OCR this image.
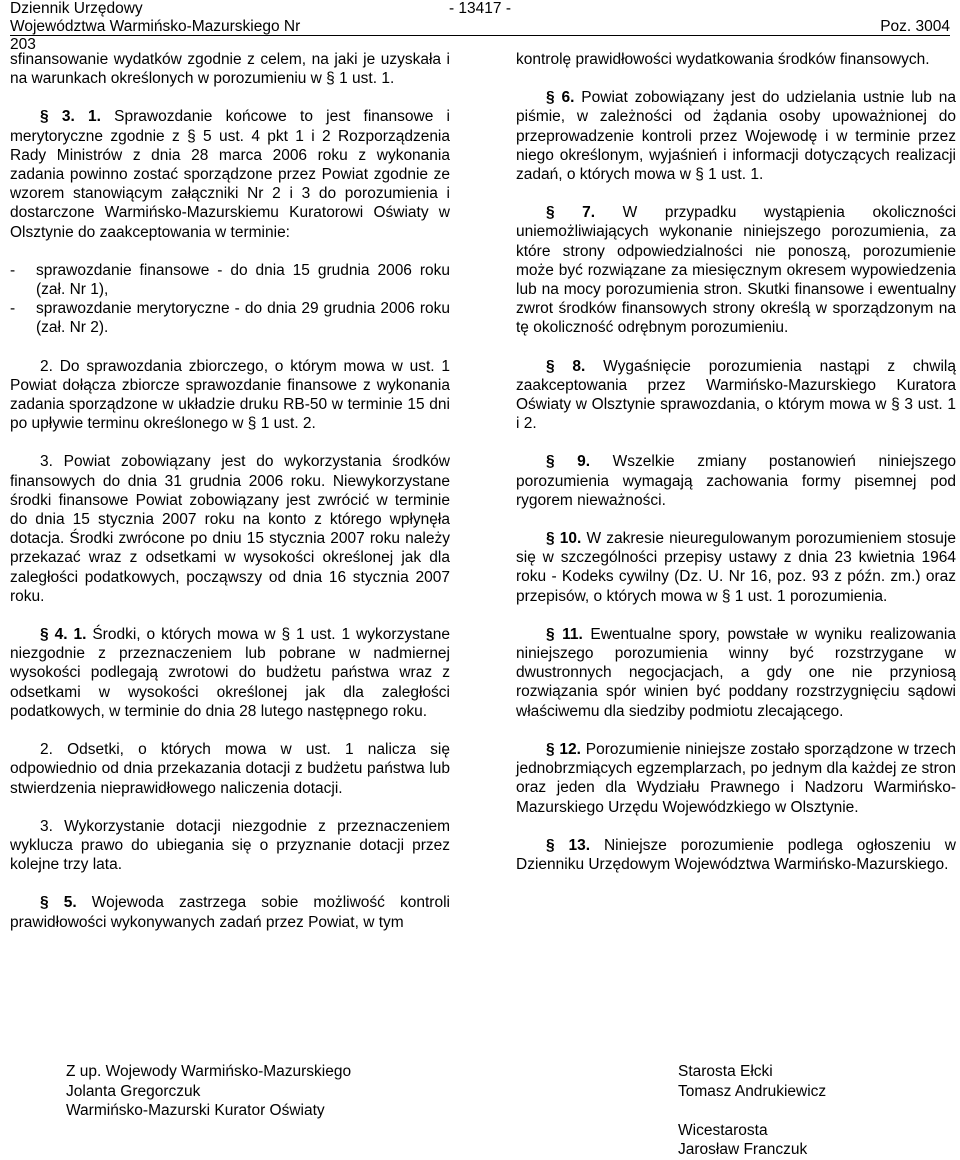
Dziennik Urzędowy	- 13417 -
Województwa Warmińsko-Mazurskiego Nr 203
Poz. 3004

sfinansowanie wydatków zgodnie z celem, na jaki je uzyskała i na warunkach określonych w porozumieniu w § 1 ust. 1.

§ 3. 1. Sprawozdanie końcowe to jest finansowe i merytoryczne zgodnie z § 5 ust. 4 pkt 1 i 2 Rozporządzenia Rady Ministrów z dnia 28 marca 2006 roku z wykonania zadania powinno zostać sporządzone przez Powiat zgodnie ze wzorem stanowiącym załączniki Nr 2 i 3 do porozumienia i dostarczone Warmińsko-Mazurskiemu Kuratorowi Oświaty w Olsztynie do zaakceptowania w terminie:

- sprawozdanie finansowe - do dnia 15 grudnia 2006 roku (zał. Nr 1),
- sprawozdanie merytoryczne - do dnia 29 grudnia 2006 roku (zał. Nr 2).

2. Do sprawozdania zbiorczego, o którym mowa w ust. 1 Powiat dołącza zbiorcze sprawozdanie finansowe z wykonania zadania sporządzone w układzie druku RB-50 w terminie 15 dni po upływie terminu określonego w § 1 ust. 2.

3. Powiat zobowiązany jest do wykorzystania środków finansowych do dnia 31 grudnia 2006 roku. Niewykorzystane środki finansowe Powiat zobowiązany jest zwrócić w terminie do dnia 15 stycznia 2007 roku na konto z którego wpłynęła dotacja. Środki zwrócone po dniu 15 stycznia 2007 roku należy przekazać wraz z odsetkami w wysokości określonej jak dla zaległości podatkowych, począwszy od dnia 16 stycznia 2007 roku.

§ 4. 1. Środki, o których mowa w § 1 ust. 1 wykorzystane niezgodnie z przeznaczeniem lub pobrane w nadmiernej wysokości podlegają zwrotowi do budżetu państwa wraz z odsetkami w wysokości określonej jak dla zaległości podatkowych, w terminie do dnia 28 lutego następnego roku.

2. Odsetki, o których mowa w ust. 1 nalicza się odpowiednio od dnia przekazania dotacji z budżetu państwa lub stwierdzenia nieprawidłowego naliczenia dotacji.

3. Wykorzystanie dotacji niezgodnie z przeznaczeniem wyklucza prawo do ubiegania się o przyznanie dotacji przez kolejne trzy lata.

§ 5. Wojewoda zastrzega sobie możliwość kontroli prawidłowości wykonywanych zadań przez Powiat, w tym

kontrolę prawidłowości wydatkowania środków finansowych.

§ 6. Powiat zobowiązany jest do udzielania ustnie lub na piśmie, w zależności od żądania osoby upoważnionej do przeprowadzenie kontroli przez Wojewodę i w terminie przez niego określonym, wyjaśnień i informacji dotyczących realizacji zadań, o których mowa w § 1 ust. 1.

§ 7. W przypadku wystąpienia okoliczności uniemożliwiających wykonanie niniejszego porozumienia, za które strony odpowiedzialności nie ponoszą, porozumienie może być rozwiązane za miesięcznym okresem wypowiedzenia lub na mocy porozumienia stron. Skutki finansowe i ewentualny zwrot środków finansowych strony określą w sporządzonym na tę okoliczność odrębnym porozumieniu.

§ 8. Wygaśnięcie porozumienia nastąpi z chwilą zaakceptowania przez Warmińsko-Mazurskiego Kuratora Oświaty w Olsztynie sprawozdania, o którym mowa w § 3 ust. 1 i 2.

§ 9. Wszelkie zmiany postanowień niniejszego porozumienia wymagają zachowania formy pisemnej pod rygorem nieważności.

§ 10. W zakresie nieuregulowanym porozumieniem stosuje się w szczególności przepisy ustawy z dnia 23 kwietnia 1964 roku - Kodeks cywilny (Dz. U. Nr 16, poz. 93 z późn. zm.) oraz przepisów, o których mowa w § 1 ust. 1 porozumienia.

§ 11. Ewentualne spory, powstałe w wyniku realizowania niniejszego porozumienia winny być rozstrzygane w dwustronnych negocjacjach, a gdy one nie przyniosą rozwiązania spór winien być poddany rozstrzygnięciu sądowi właściwemu dla siedziby podmiotu zlecającego.

§ 12. Porozumienie niniejsze zostało sporządzone w trzech jednobrzmiących egzemplarzach, po jednym dla każdej ze stron oraz jeden dla Wydziału Prawnego i Nadzoru Warmińsko-Mazurskiego Urzędu Wojewódzkiego w Olsztynie.

§ 13. Niniejsze porozumienie podlega ogłoszeniu w Dzienniku Urzędowym Województwa Warmińsko-Mazurskiego.

Z up. Wojewody Warmińsko-Mazurskiego
Jolanta Gregorczuk
Warmińsko-Mazurski Kurator Oświaty
Starosta Ełcki
Tomasz Andrukiewicz
Wicestarosta
Jarosław Franczuk
